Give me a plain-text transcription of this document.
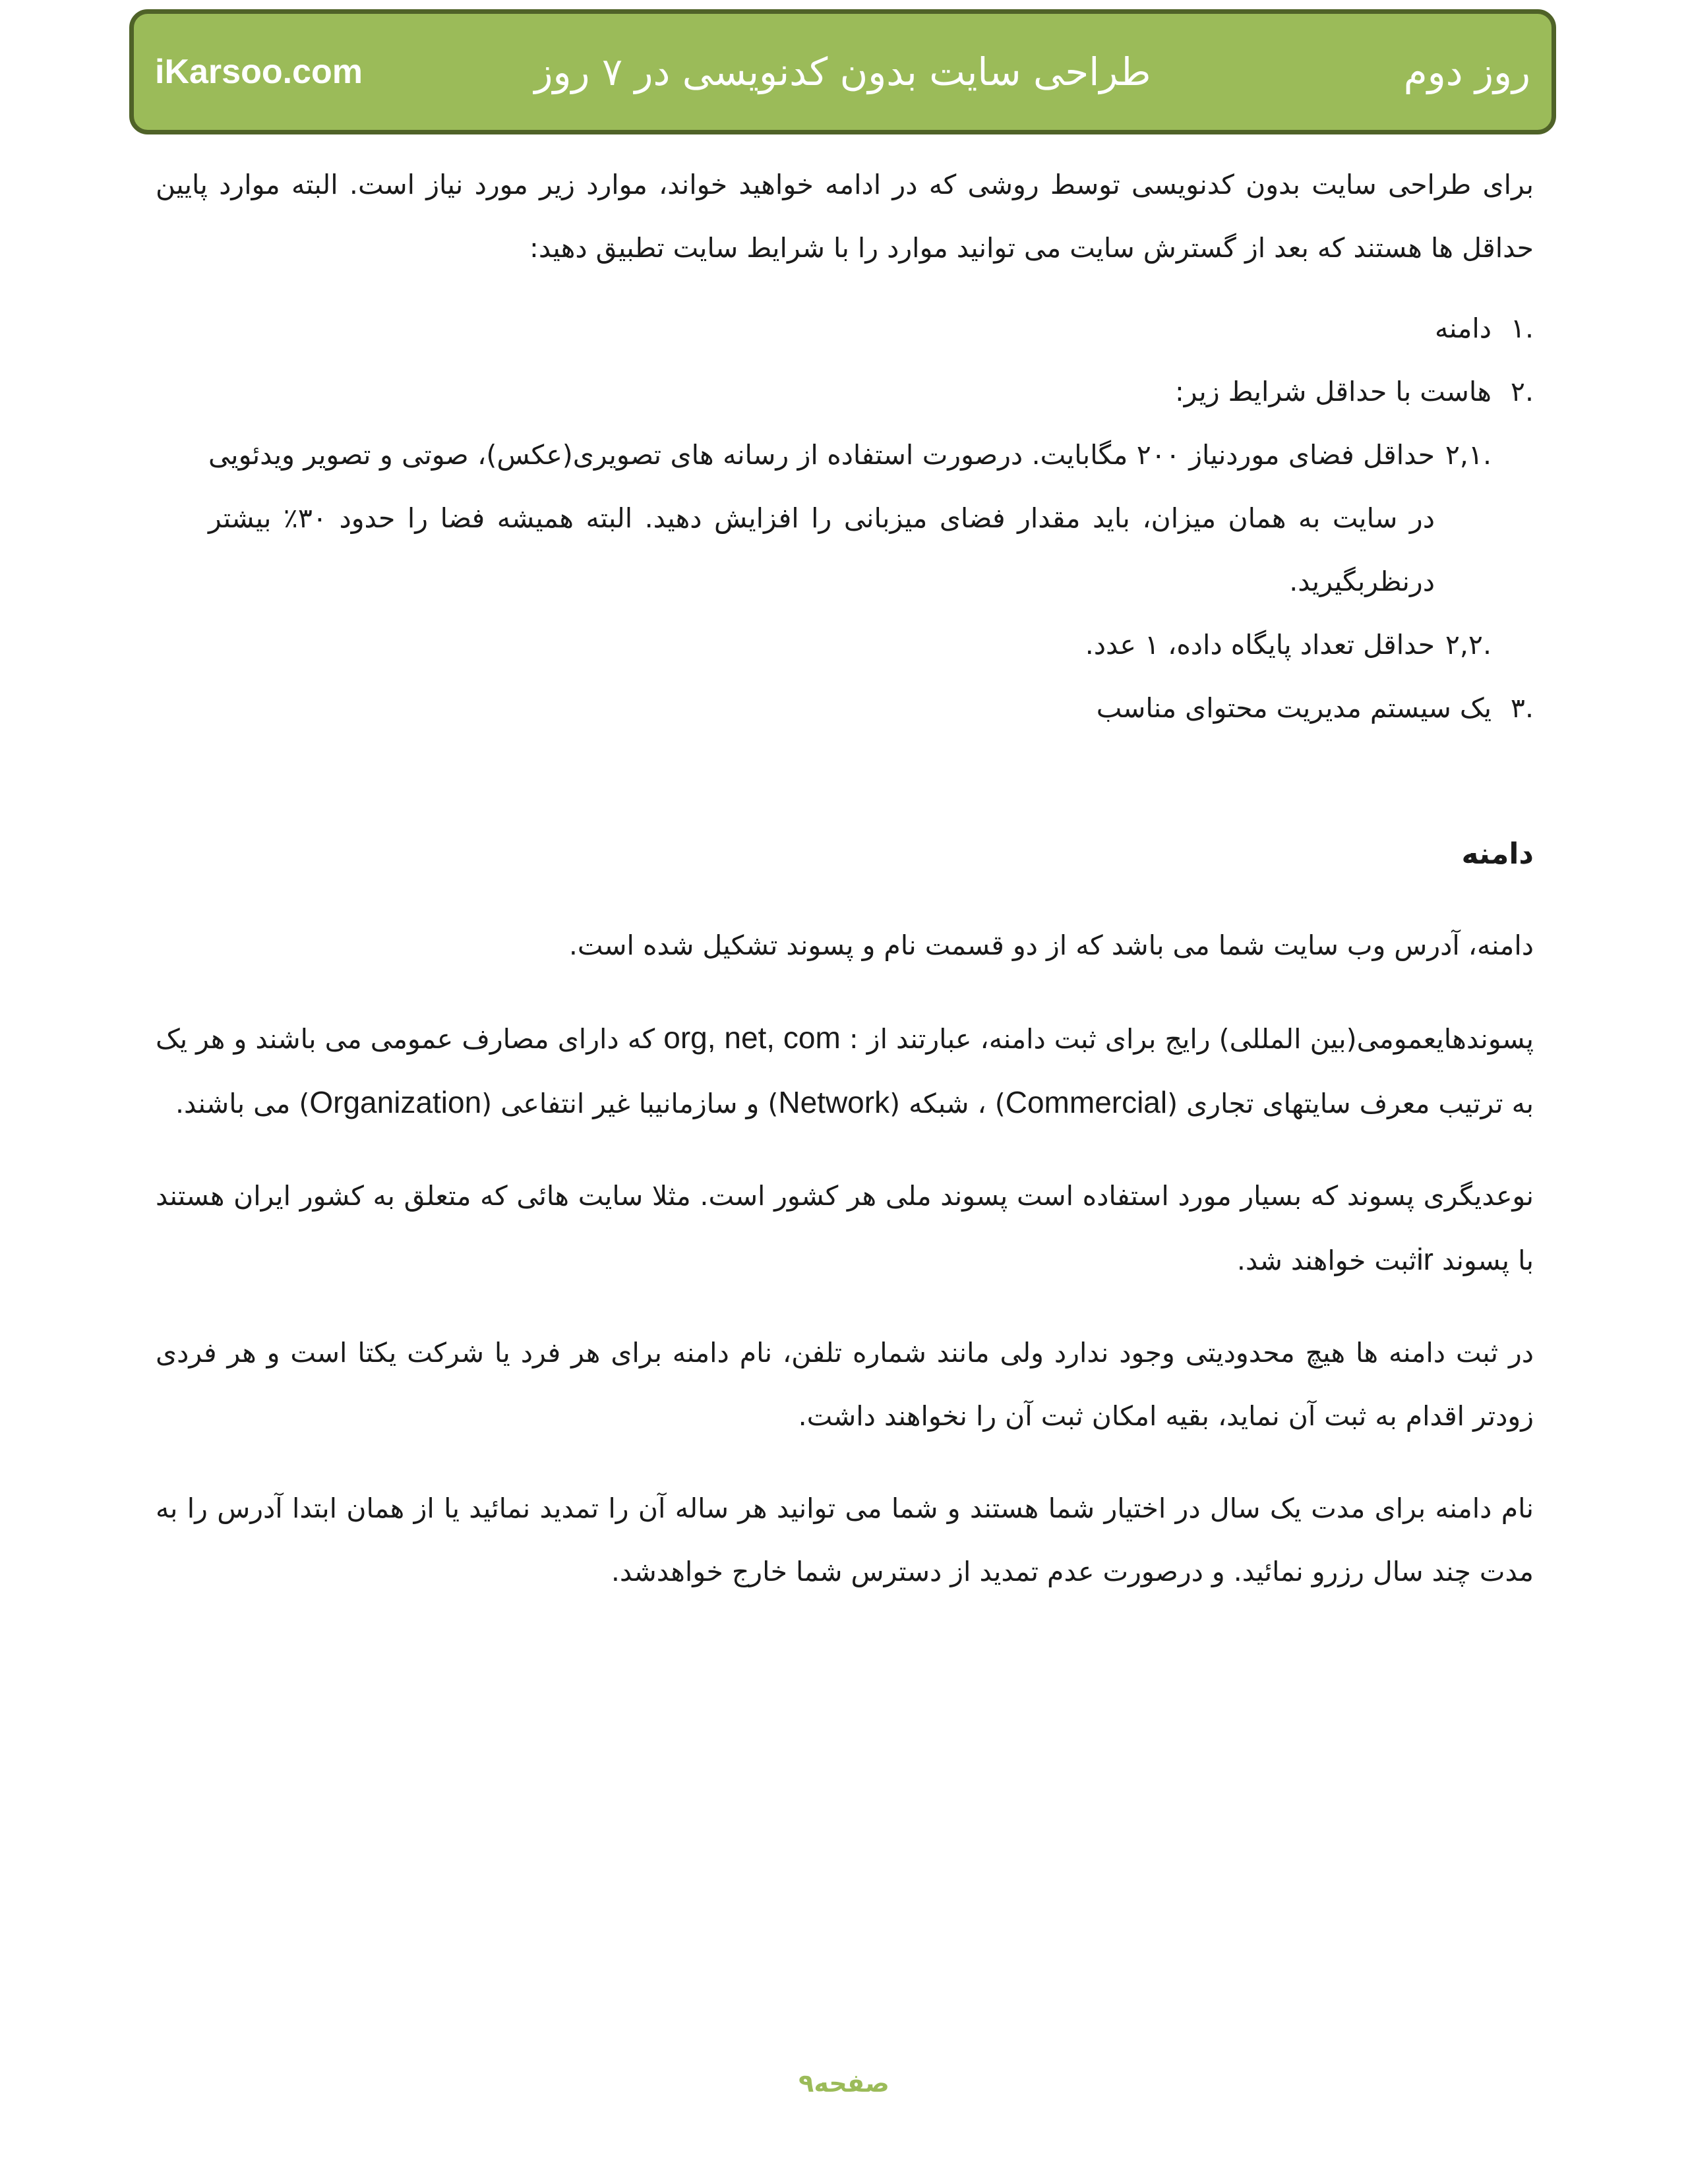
iKarsoo.com	طراحی سایت بدون کدنویسی در ۷ روز	روز دوم

برای طراحی سایت بدون کدنویسی توسط روشی که در ادامه خواهید خواند، موارد زیر مورد نیاز است. البته موارد پایین حداقل ها هستند که بعد از گسترش سایت می توانید موارد را با شرایط سایت تطبیق دهید:

.۱
دامنه
.۲
هاست با حداقل شرایط زیر:
.۲,۱
حداقل فضای موردنیاز ۲۰۰ مگابایت. درصورت استفاده از رسانه های تصویری(عکس)، صوتی و تصویر ویدئویی در سایت به همان میزان، باید مقدار فضای میزبانی را افزایش دهید. البته همیشه فضا را حدود ۳۰٪ بیشتر درنظربگیرید.
.۲,۲
حداقل تعداد پایگاه داده، ۱ عدد.
.۳
یک سیستم مدیریت محتوای مناسب

دامنه

دامنه، آدرس وب سایت شما می باشد که از دو قسمت نام و پسوند تشکیل شده است.

پسوندهایعمومی(بین المللی) رایج برای ثبت دامنه، عبارتند از : org, net, com که دارای مصارف عمومی می باشند و هر یک به ترتیب معرف سایتهای تجاری (Commercial) ، شبکه (Network) و سازمانیبا غیر انتفاعی (Organization) می باشند.

نوعدیگری پسوند که بسیار مورد استفاده است پسوند ملی هر کشور است. مثلا سایت هائی که متعلق به کشور ایران هستند با پسوند irثبت خواهند شد.

در ثبت دامنه ها هیچ محدودیتی وجود ندارد ولی مانند شماره تلفن، نام دامنه برای هر فرد یا شرکت یکتا است و هر فردی زودتر اقدام به ثبت آن نماید، بقیه امکان ثبت آن را نخواهند داشت.

نام دامنه برای مدت یک سال در اختیار شما هستند و شما می توانید هر ساله آن را تمدید نمائید یا از همان ابتدا آدرس را به مدت چند سال رزرو نمائید. و درصورت عدم تمدید از دسترس شما خارج خواهدشد.

صفحه۹
